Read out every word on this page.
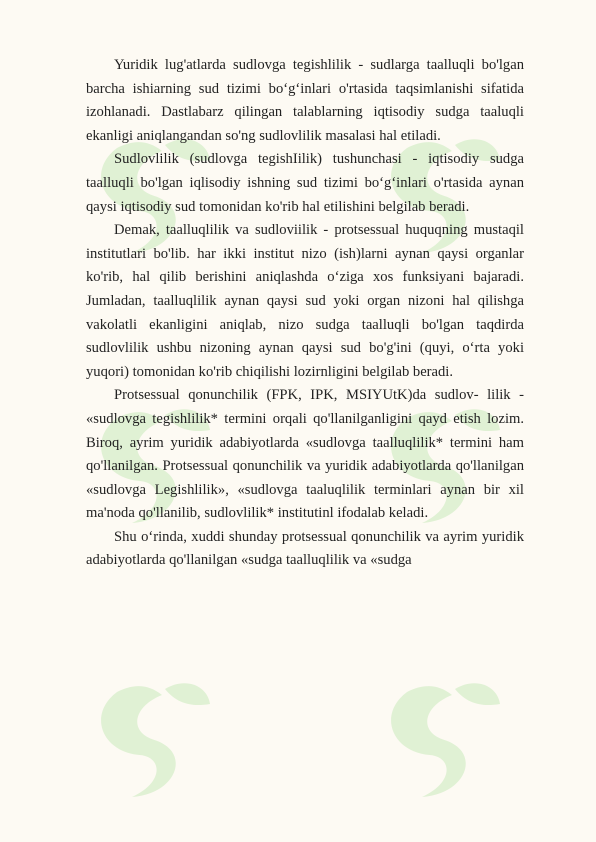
Yuridik lug'atlarda sudlovga tegishlilik - sudlarga taalluqli bo'lgan barcha ishiarning sud tizimi bo‘g‘inlari o'rtasida taqsimlanishi sifatida izohlanadi. Dastlabarz qilingan talablarning iqtisodiy sudga taaluqli ekanligi aniqlangandan so'ng sudlovlilik masalasi hal etiladi.

Sudlovlilik (sudlovga tegishIilik) tushunchasi - iqtisodiy sudga taalluqli bo'lgan iqlisodiy ishning sud tizimi bo‘g‘inlari o'rtasida aynan qaysi iqtisodiy sud tomonidan ko'rib hal etilishini belgilab beradi.

Demak, taalluqlilik va sudloviilik - protsessual huquqning mustaqil institutlari bo'lib. har ikki institut nizo (ish)larni aynan qaysi organlar ko'rib, hal qilib berishini aniqlashda o‘ziga xos funksiyani bajaradi. Jumladan, taalluqlilik aynan qaysi sud yoki organ nizoni hal qilishga vakolatli ekanligini aniqlab, nizo sudga taalluqli bo'lgan taqdirda sudlovlilik ushbu nizoning aynan qaysi sud bo'g'ini (quyi, o‘rta yoki yuqori) tomonidan ko'rib chiqilishi lozirnligini belgilab beradi.

Protsessual qonunchilik (FPK, IPK, MSIYUtK)da sudlov- lilik - «sudlovga tegishlilik* termini orqali qo'llanilganligini qayd etish lozim. Biroq, ayrim yuridik adabiyotlarda «sudlovga taalluqlilik* termini ham qo'llanilgan. Protsessual qonunchilik va yuridik adabiyotlarda qo'llanilgan «sudlovga Legishlilik», «sudlovga taaluqlilik terminlari aynan bir xil ma'noda qo'llanilib, sudlovlilik* institutinl ifodalab keladi.

Shu o‘rinda, xuddi shunday protsessual qonunchilik va ayrim yuridik adabiyotlarda qo'llanilgan «sudga taalluqlilik va «sudga
